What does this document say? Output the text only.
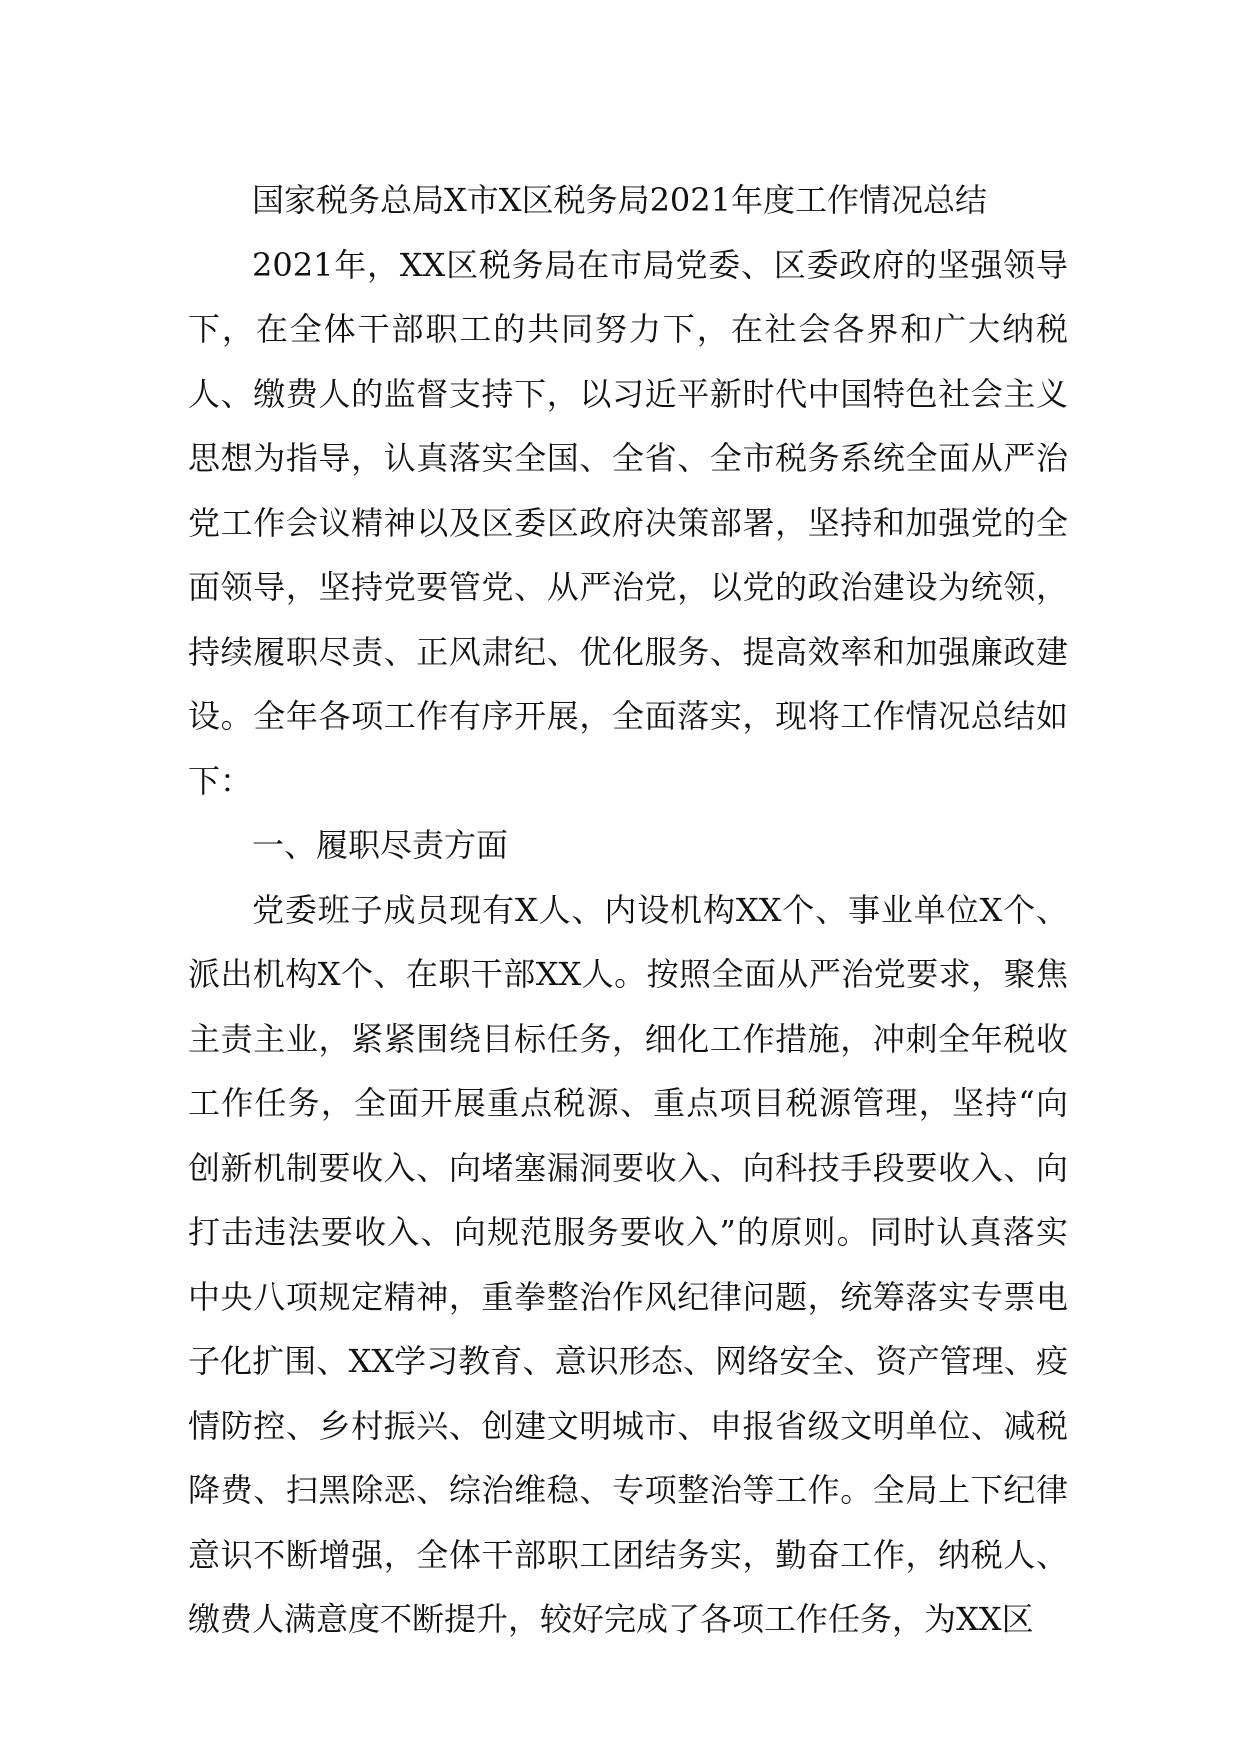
国家税务总局X市X区税务局2021年度工作情况总结

2021年，XX区税务局在市局党委、区委政府的坚强领导下，在全体干部职工的共同努力下，在社会各界和广大纳税人、缴费人的监督支持下，以习近平新时代中国特色社会主义思想为指导，认真落实全国、全省、全市税务系统全面从严治党工作会议精神以及区委区政府决策部署，坚持和加强党的全面领导，坚持党要管党、从严治党，以党的政治建设为统领，持续履职尽责、正风肃纪、优化服务、提高效率和加强廉政建设。全年各项工作有序开展，全面落实，现将工作情况总结如下：

一、履职尽责方面

党委班子成员现有X人、内设机构XX个、事业单位X个、派出机构X个、在职干部XX人。按照全面从严治党要求，聚焦主责主业，紧紧围绕目标任务，细化工作措施，冲刺全年税收工作任务，全面开展重点税源、重点项目税源管理，坚持“向创新机制要收入、向堵塞漏洞要收入、向科技手段要收入、向打击违法要收入、向规范服务要收入”的原则。同时认真落实中央八项规定精神，重拳整治作风纪律问题，统筹落实专票电子化扩围、XX学习教育、意识形态、网络安全、资产管理、疫情防控、乡村振兴、创建文明城市、申报省级文明单位、减税降费、扫黑除恶、综治维稳、专项整治等工作。全局上下纪律意识不断增强，全体干部职工团结务实，勤奋工作，纳税人、缴费人满意度不断提升，较好完成了各项工作任务，为XX区
